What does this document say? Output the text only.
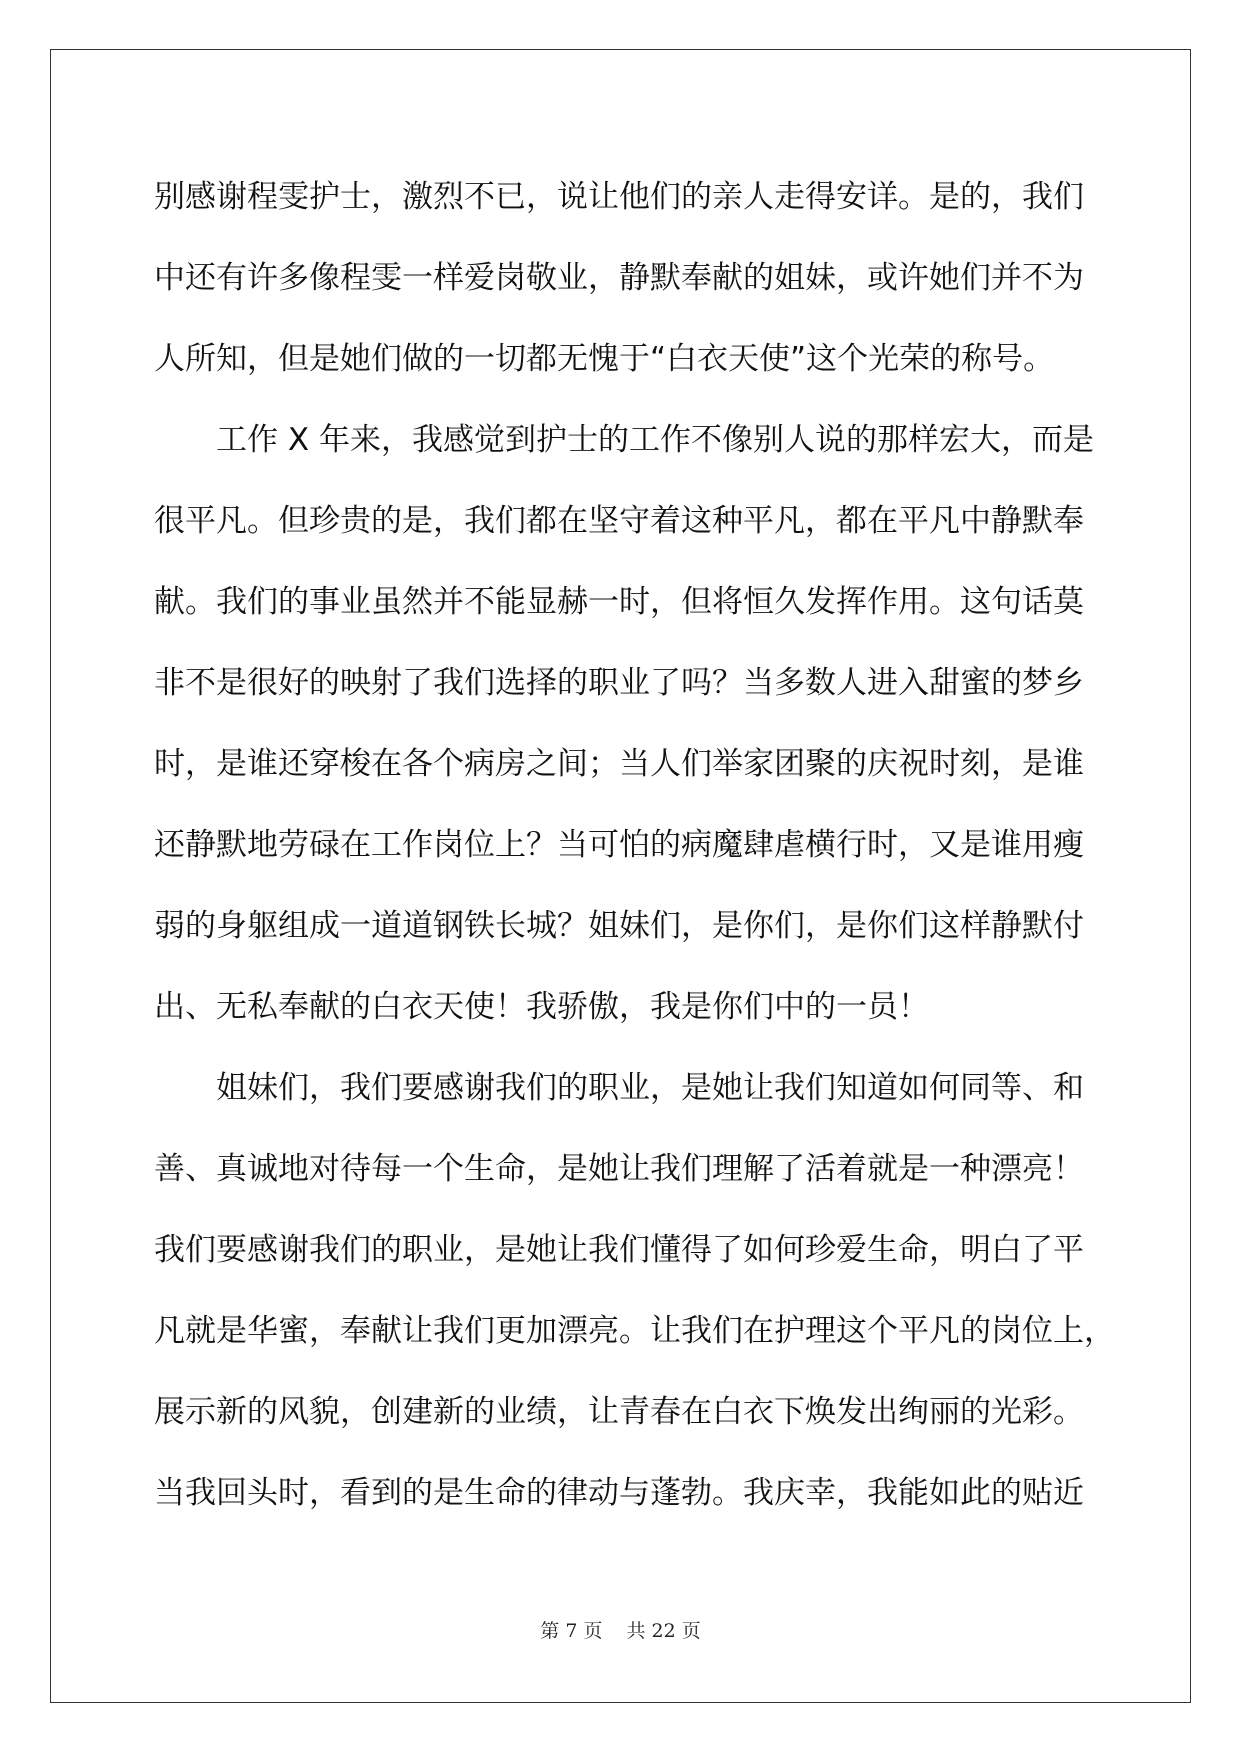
别感谢程雯护士，激烈不已，说让他们的亲人走得安详。是的，我们
中还有许多像程雯一样爱岗敬业，静默奉献的姐妹，或许她们并不为
人所知，但是她们做的一切都无愧于“白衣天使”这个光荣的称号。
　　工作 X 年来，我感觉到护士的工作不像别人说的那样宏大，而是
很平凡。但珍贵的是，我们都在坚守着这种平凡，都在平凡中静默奉
献。我们的事业虽然并不能显赫一时，但将恒久发挥作用。这句话莫
非不是很好的映射了我们选择的职业了吗？当多数人进入甜蜜的梦乡
时，是谁还穿梭在各个病房之间；当人们举家团聚的庆祝时刻，是谁
还静默地劳碌在工作岗位上？当可怕的病魔肆虐横行时，又是谁用瘦
弱的身躯组成一道道钢铁长城？姐妹们，是你们，是你们这样静默付
出、无私奉献的白衣天使！我骄傲，我是你们中的一员！
　　姐妹们，我们要感谢我们的职业，是她让我们知道如何同等、和
善、真诚地对待每一个生命，是她让我们理解了活着就是一种漂亮！
我们要感谢我们的职业，是她让我们懂得了如何珍爱生命，明白了平
凡就是华蜜，奉献让我们更加漂亮。让我们在护理这个平凡的岗位上，
展示新的风貌，创建新的业绩，让青春在白衣下焕发出绚丽的光彩。
当我回头时，看到的是生命的律动与蓬勃。我庆幸，我能如此的贴近
第 7 页 共 22 页
